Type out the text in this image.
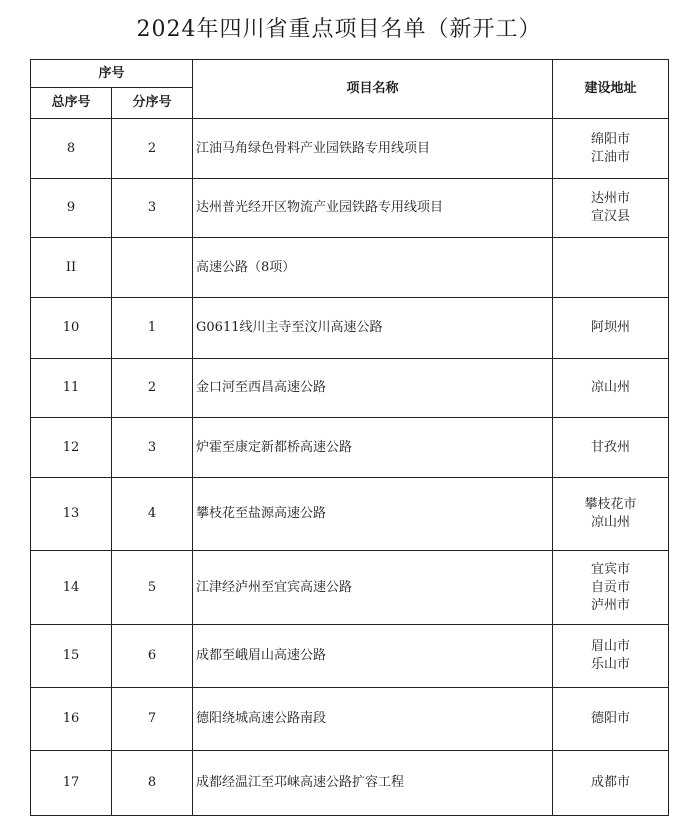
2024年四川省重点项目名单（新开工）
序号		项目名称	建设地址
总序号	分序号		
8	2	江油马角绿色骨料产业园铁路专用线项目	绵阳市
江油市

9	3	达州普光经开区物流产业园铁路专用线项目	达州市
宣汉县

II		高速公路（8项）	
10	1	G0611线川主寺至汶川高速公路	阿坝州

11	2	金口河至西昌高速公路	凉山州

12	3	炉霍至康定新都桥高速公路	甘孜州

13	4	攀枝花至盐源高速公路	攀枝花市
凉山州

14	5	江津经泸州至宜宾高速公路	宜宾市
自贡市
泸州市

15	6	成都至峨眉山高速公路	眉山市
乐山市

16	7	德阳绕城高速公路南段	德阳市

17	8	成都经温江至邛崃高速公路扩容工程	成都市
